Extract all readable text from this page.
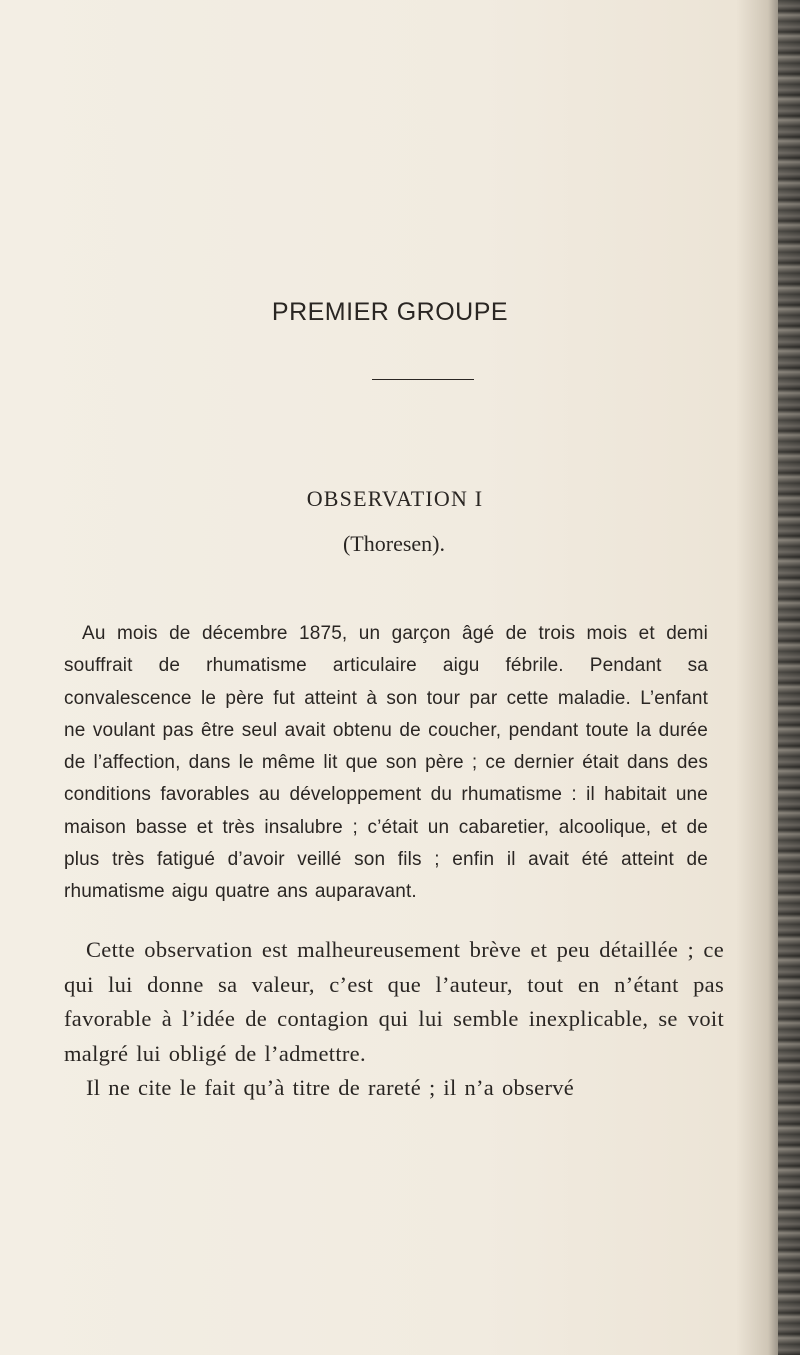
PREMIER GROUPE
OBSERVATION I

(Thoresen).

Au mois de décembre 1875, un garçon âgé de trois mois et demi souffrait de rhumatisme articulaire aigu fébrile. Pendant sa convalescence le père fut atteint à son tour par cette maladie. L’enfant ne voulant pas être seul avait obtenu de coucher, pendant toute la durée de l’affection, dans le même lit que son père ; ce dernier était dans des conditions favorables au développement du rhumatisme : il habitait une maison basse et très insalubre ; c’était un cabaretier, alcoolique, et de plus très fatigué d’avoir veillé son fils ; enfin il avait été atteint de rhumatisme aigu quatre ans auparavant.

Cette observation est malheureusement brève et peu détaillée ; ce qui lui donne sa valeur, c’est que l’auteur, tout en n’étant pas favorable à l’idée de contagion qui lui semble inexplicable, se voit malgré lui obligé de l’admettre.

Il ne cite le fait qu’à titre de rareté ; il n’a observé
